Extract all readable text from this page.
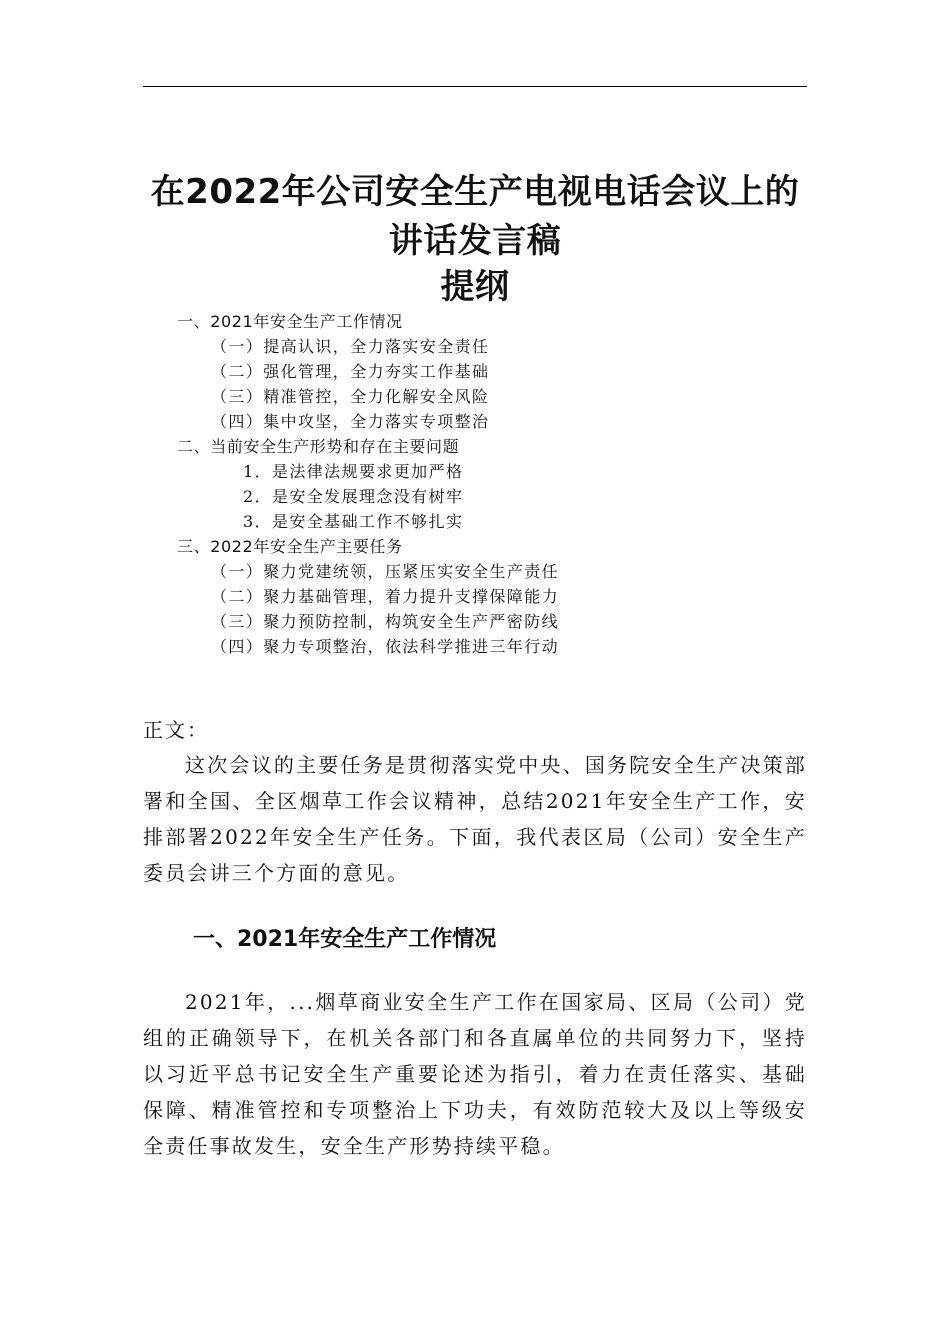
在2022年公司安全生产电视电话会议上的
讲话发言稿
提纲
一、2021年安全生产工作情况
（一）提高认识，全力落实安全责任
（二）强化管理，全力夯实工作基础
（三）精准管控，全力化解安全风险
（四）集中攻坚，全力落实专项整治
二、当前安全生产形势和存在主要问题
1．是法律法规要求更加严格
2．是安全发展理念没有树牢
3．是安全基础工作不够扎实
三、2022年安全生产主要任务
（一）聚力党建统领，压紧压实安全生产责任
（二）聚力基础管理，着力提升支撑保障能力
（三）聚力预防控制，构筑安全生产严密防线
（四）聚力专项整治，依法科学推进三年行动
正文：

这次会议的主要任务是贯彻落实党中央、国务院安全生产决策部署和全国、全区烟草工作会议精神，总结2021年安全生产工作，安排部署2022年安全生产任务。下面，我代表区局（公司）安全生产委员会讲三个方面的意见。

一、2021年安全生产工作情况

2021年，...烟草商业安全生产工作在国家局、区局（公司）党组的正确领导下，在机关各部门和各直属单位的共同努力下，坚持以习近平总书记安全生产重要论述为指引，着力在责任落实、基础保障、精准管控和专项整治上下功夫，有效防范较大及以上等级安全责任事故发生，安全生产形势持续平稳。
